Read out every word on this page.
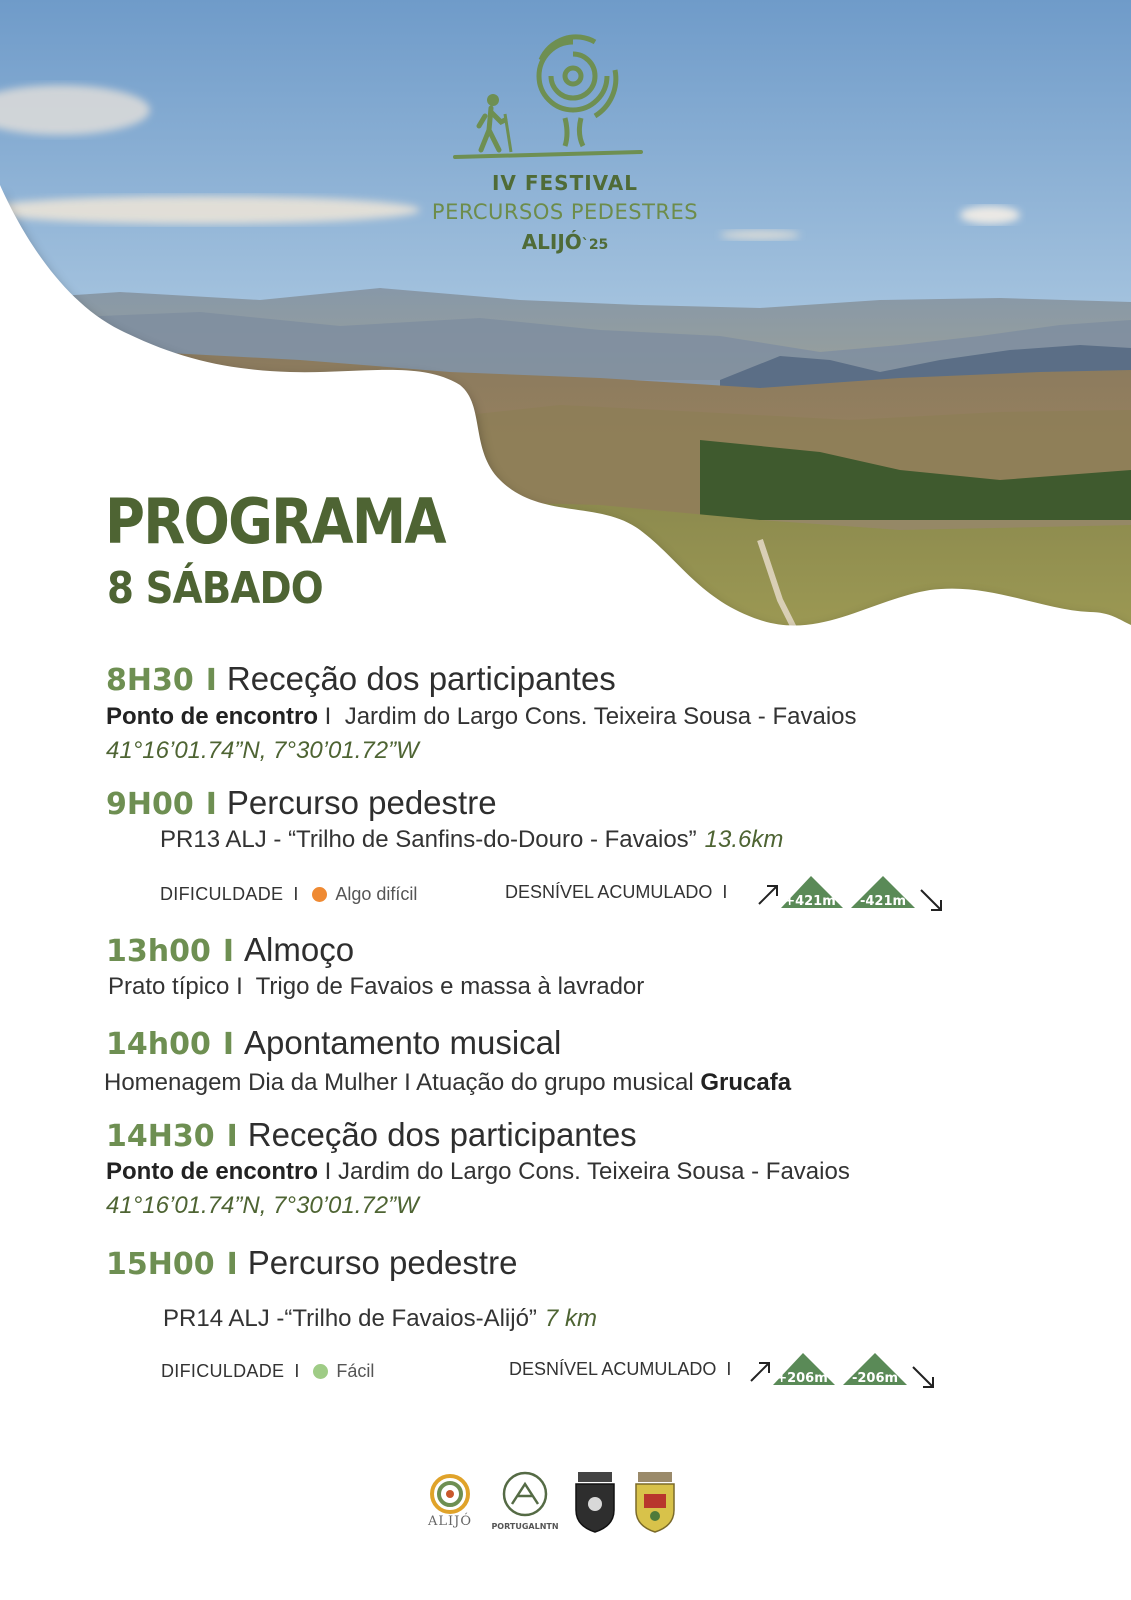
IV FESTIVAL
PERCURSOS PEDESTRES
ALIJÓ`25
PROGRAMA
8 SÁBADO
8H30 I Receção dos participantes
Ponto de encontro I Jardim do Largo Cons. Teixeira Sousa - Favaios
41°16’01.74”N, 7°30’01.72”W
9H00 I Percurso pedestre
PR13 ALJ - “Trilho de Sanfins-do-Douro - Favaios” 13.6km
DIFICULDADE I Algo difícil	DESNÍVEL ACUMULADO I	+421m -421m
13h00 I Almoço
Prato típico I Trigo de Favaios e massa à lavrador
14h00 I Apontamento musical
Homenagem Dia da Mulher I Atuação do grupo musical Grucafa
14H30 I Receção dos participantes
Ponto de encontro I Jardim do Largo Cons. Teixeira Sousa - Favaios
41°16’01.74”N, 7°30’01.72”W
15H00 I Percurso pedestre
PR14 ALJ -“Trilho de Favaios-Alijó” 7 km
DIFICULDADE I Fácil	DESNÍVEL ACUMULADO I	+206m -206m
ALIJÓ	PORTUGALNTN
